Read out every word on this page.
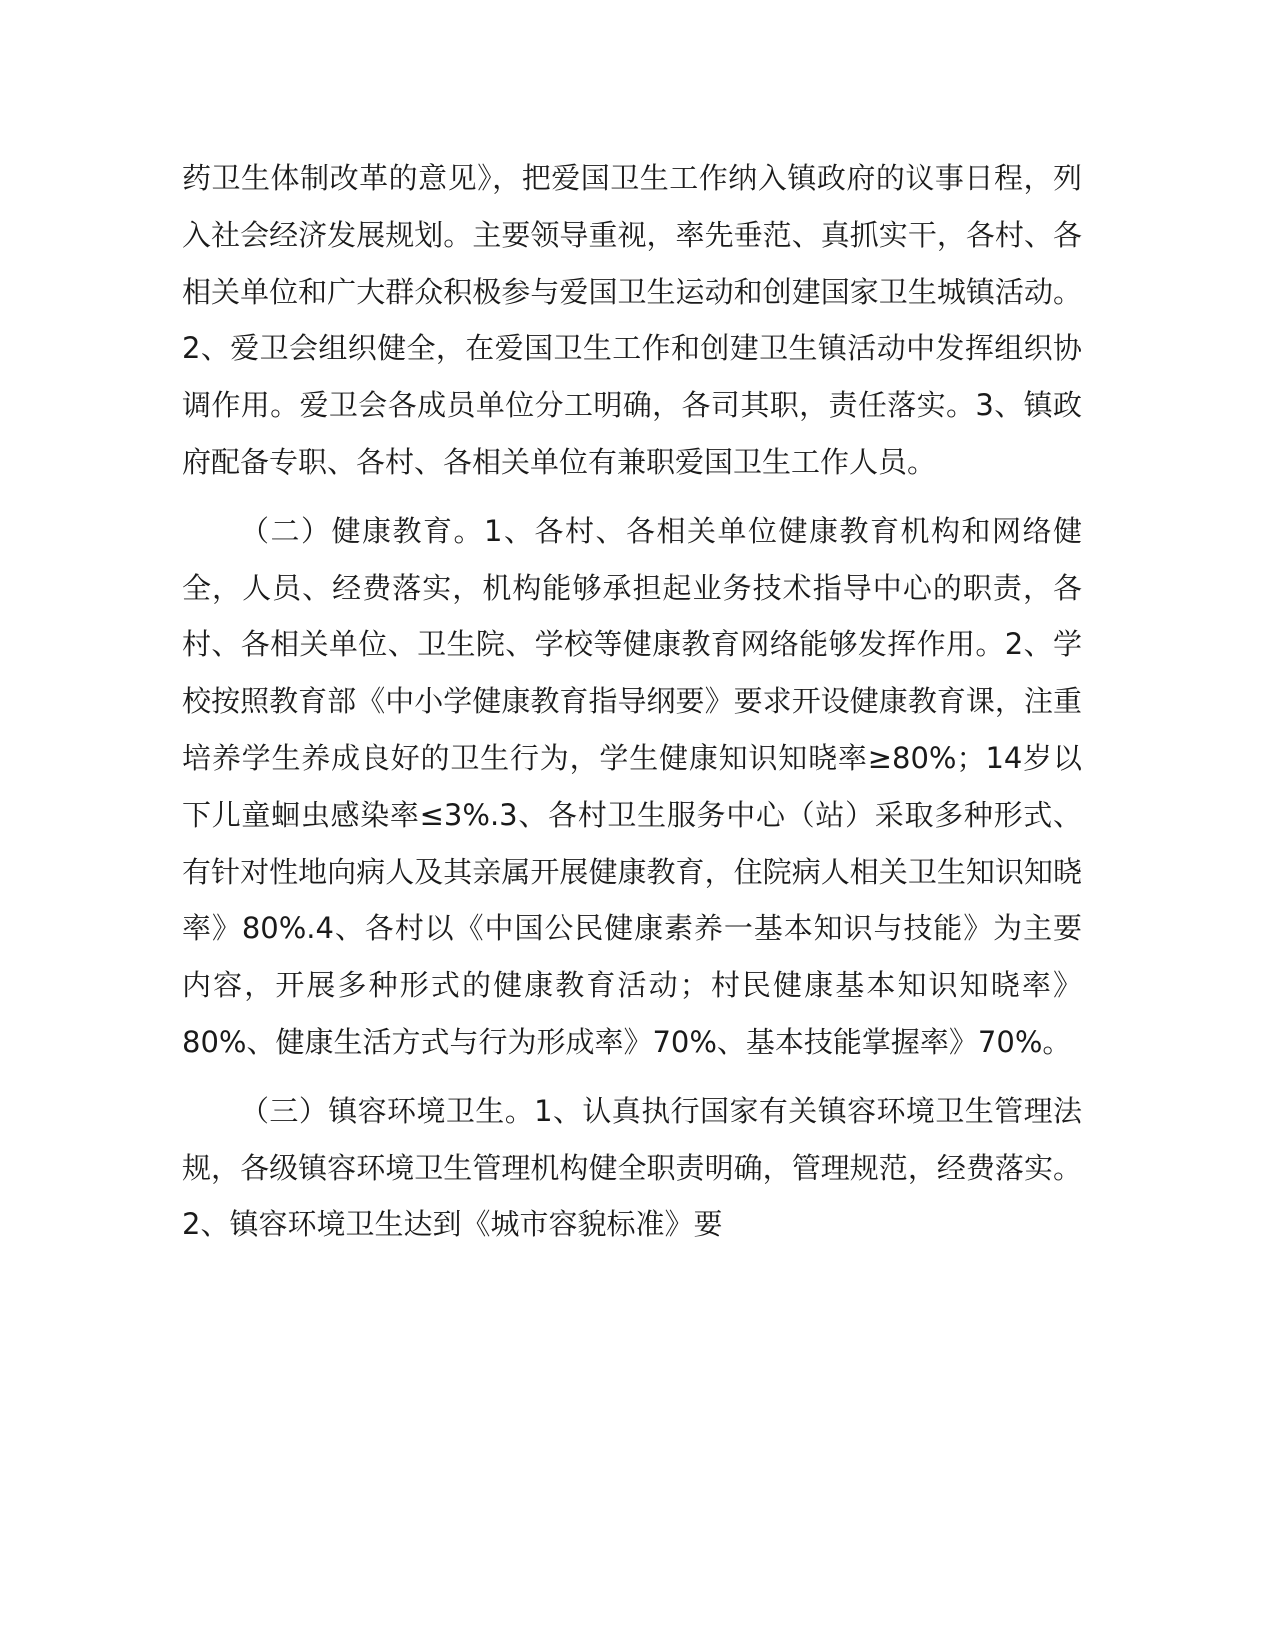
药卫生体制改革的意见》，把爱国卫生工作纳入镇政府的议事日程，列入社会经济发展规划。主要领导重视，率先垂范、真抓实干，各村、各相关单位和广大群众积极参与爱国卫生运动和创建国家卫生城镇活动。2、爱卫会组织健全，在爱国卫生工作和创建卫生镇活动中发挥组织协调作用。爱卫会各成员单位分工明确，各司其职，责任落实。3、镇政府配备专职、各村、各相关单位有兼职爱国卫生工作人员。

（二）健康教育。1、各村、各相关单位健康教育机构和网络健全，人员、经费落实，机构能够承担起业务技术指导中心的职责，各村、各相关单位、卫生院、学校等健康教育网络能够发挥作用。2、学校按照教育部《中小学健康教育指导纲要》要求开设健康教育课，注重培养学生养成良好的卫生行为，学生健康知识知晓率≥80%；14岁以下儿童蛔虫感染率≤3%.3、各村卫生服务中心（站）采取多种形式、有针对性地向病人及其亲属开展健康教育，住院病人相关卫生知识知晓率》80%.4、各村以《中国公民健康素养一基本知识与技能》为主要内容，开展多种形式的健康教育活动；村民健康基本知识知晓率》80%、健康生活方式与行为形成率》70%、基本技能掌握率》70%。

（三）镇容环境卫生。1、认真执行国家有关镇容环境卫生管理法规，各级镇容环境卫生管理机构健全职责明确，管理规范，经费落实。2、镇容环境卫生达到《城市容貌标准》要
